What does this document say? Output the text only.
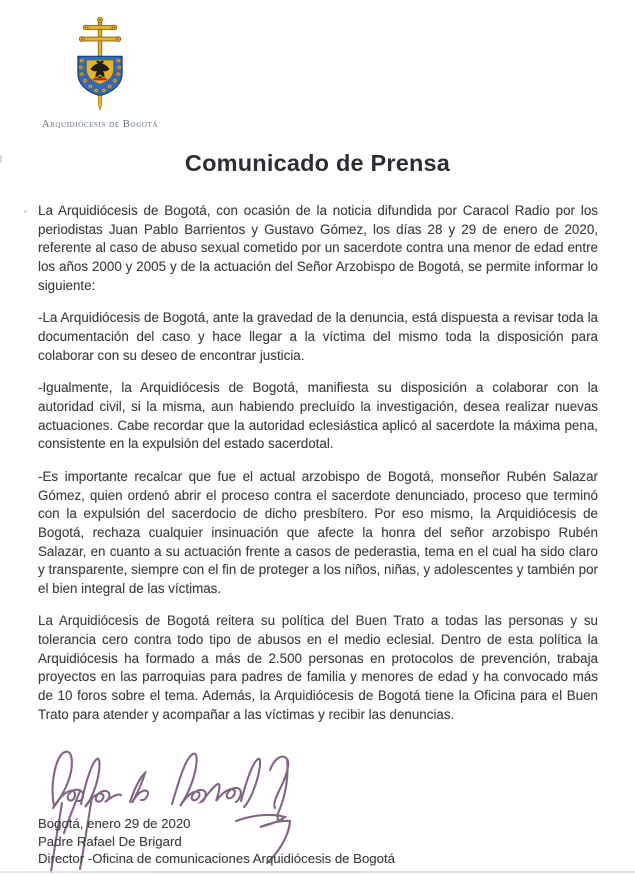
Arquidiócesis de Bogotá
Comunicado de Prensa

La Arquidiócesis de Bogotá, con ocasión de la noticia difundida por Caracol Radio por los periodistas Juan Pablo Barrientos y Gustavo Gómez, los días 28 y 29 de enero de 2020, referente al caso de abuso sexual cometido por un sacerdote contra una menor de edad entre los años 2000 y 2005 y de la actuación del Señor Arzobispo de Bogotá, se permite informar lo siguiente:

-La Arquidiócesis de Bogotá, ante la gravedad de la denuncia, está dispuesta a revisar toda la documentación del caso y hace llegar a la víctima del mismo toda la disposición para colaborar con su deseo de encontrar justicia.

-Igualmente, la Arquidiócesis de Bogotá, manifiesta su disposición a colaborar con la autoridad civil, si la misma, aun habiendo precluído la investigación, desea realizar nuevas actuaciones. Cabe recordar que la autoridad eclesiástica aplicó al sacerdote la máxima pena, consistente en la expulsión del estado sacerdotal.

-Es importante recalcar que fue el actual arzobispo de Bogotá, monseñor Rubén Salazar Gómez, quien ordenó abrir el proceso contra el sacerdote denunciado, proceso que terminó con la expulsión del sacerdocio de dicho presbítero. Por eso mismo, la Arquidiócesis de Bogotá, rechaza cualquier insinuación que afecte la honra del señor arzobispo Rubén Salazar, en cuanto a su actuación frente a casos de pederastia, tema en el cual ha sido claro y transparente, siempre con el fin de proteger a los niños, niñas, y adolescentes y también por el bien integral de las víctimas.

La Arquidiócesis de Bogotá reitera su política del Buen Trato a todas las personas y su tolerancia cero contra todo tipo de abusos en el medio eclesial. Dentro de esta política la Arquidiócesis ha formado a más de 2.500 personas en protocolos de prevención, trabaja proyectos en las parroquias para padres de familia y menores de edad y ha convocado más de 10 foros sobre el tema. Además, la Arquidiócesis de Bogotá tiene la Oficina para el Buen Trato para atender y acompañar a las víctimas y recibir las denuncias.

Bogotá, enero 29 de 2020
Padre Rafael De Brigard
Director -Oficina de comunicaciones Arquidiócesis de Bogotá
